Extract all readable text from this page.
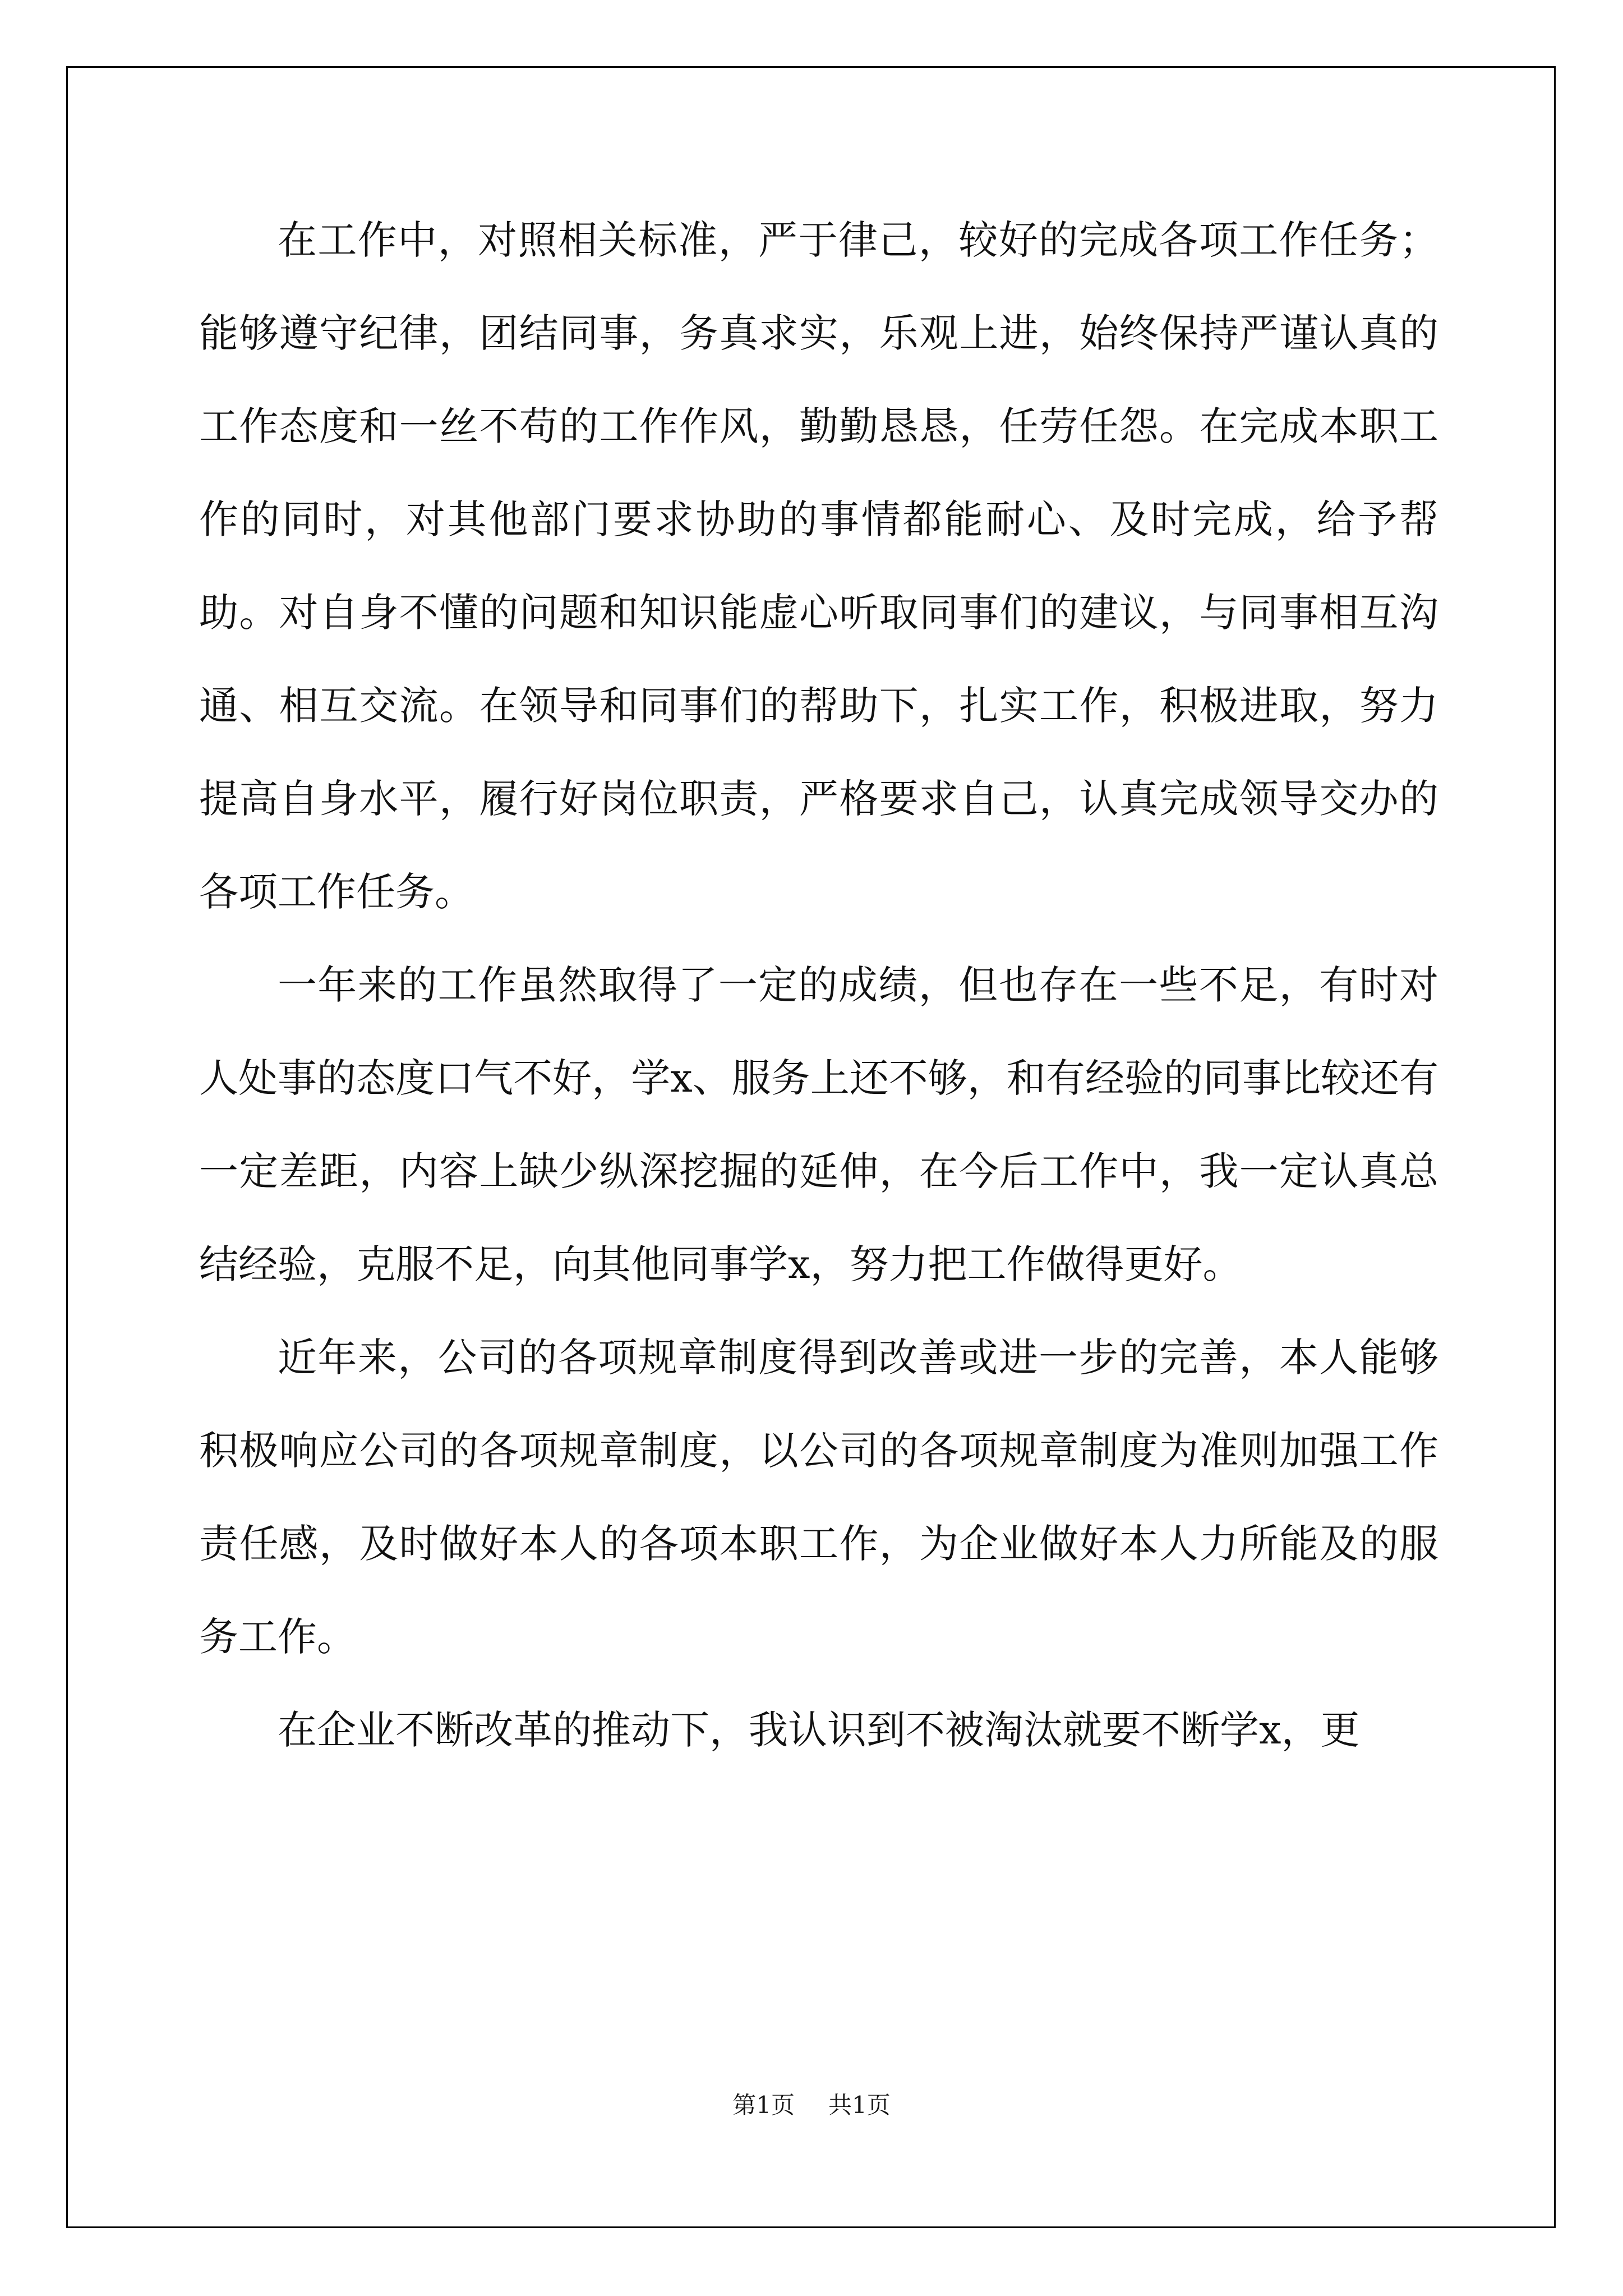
在工作中，对照相关标准，严于律己，较好的完成各项工作任务；能够遵守纪律，团结同事，务真求实，乐观上进，始终保持严谨认真的工作态度和一丝不苟的工作作风，勤勤恳恳，任劳任怨。在完成本职工作的同时，对其他部门要求协助的事情都能耐心、及时完成，给予帮助。对自身不懂的问题和知识能虚心听取同事们的建议，与同事相互沟通、相互交流。在领导和同事们的帮助下，扎实工作，积极进取，努力提高自身水平，履行好岗位职责，严格要求自己，认真完成领导交办的各项工作任务。

一年来的工作虽然取得了一定的成绩，但也存在一些不足，有时对人处事的态度口气不好，学x、服务上还不够，和有经验的同事比较还有一定差距，内容上缺少纵深挖掘的延伸，在今后工作中，我一定认真总结经验，克服不足，向其他同事学x，努力把工作做得更好。

近年来，公司的各项规章制度得到改善或进一步的完善，本人能够积极响应公司的各项规章制度，以公司的各项规章制度为准则加强工作责任感，及时做好本人的各项本职工作，为企业做好本人力所能及的服务工作。

在企业不断改革的推动下，我认识到不被淘汰就要不断学x，更

第1页 共1页
